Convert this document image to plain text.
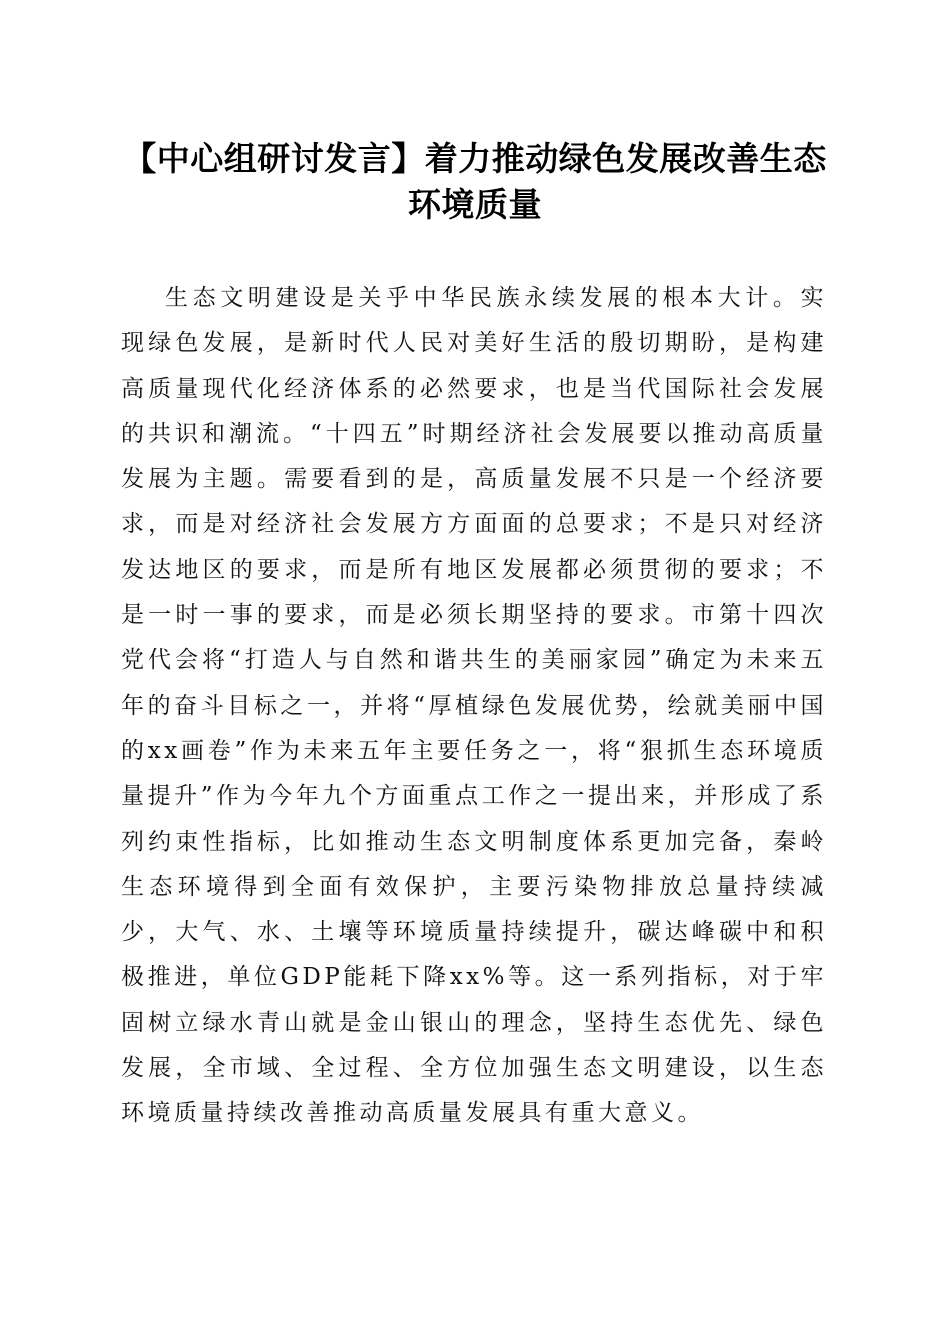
【中心组研讨发言】着力推动绿色发展改善生态环境质量

生态文明建设是关乎中华民族永续发展的根本大计。实现绿色发展，是新时代人民对美好生活的殷切期盼，是构建高质量现代化经济体系的必然要求，也是当代国际社会发展的共识和潮流。“十四五”时期经济社会发展要以推动高质量发展为主题。需要看到的是，高质量发展不只是一个经济要求，而是对经济社会发展方方面面的总要求；不是只对经济发达地区的要求，而是所有地区发展都必须贯彻的要求；不是一时一事的要求，而是必须长期坚持的要求。市第十四次党代会将“打造人与自然和谐共生的美丽家园”确定为未来五年的奋斗目标之一，并将“厚植绿色发展优势，绘就美丽中国的xx画卷”作为未来五年主要任务之一，将“狠抓生态环境质量提升”作为今年九个方面重点工作之一提出来，并形成了系列约束性指标，比如推动生态文明制度体系更加完备，秦岭生态环境得到全面有效保护，主要污染物排放总量持续减少，大气、水、土壤等环境质量持续提升，碳达峰碳中和积极推进，单位GDP能耗下降xx%等。这一系列指标，对于牢固树立绿水青山就是金山银山的理念，坚持生态优先、绿色发展，全市域、全过程、全方位加强生态文明建设，以生态环境质量持续改善推动高质量发展具有重大意义。
